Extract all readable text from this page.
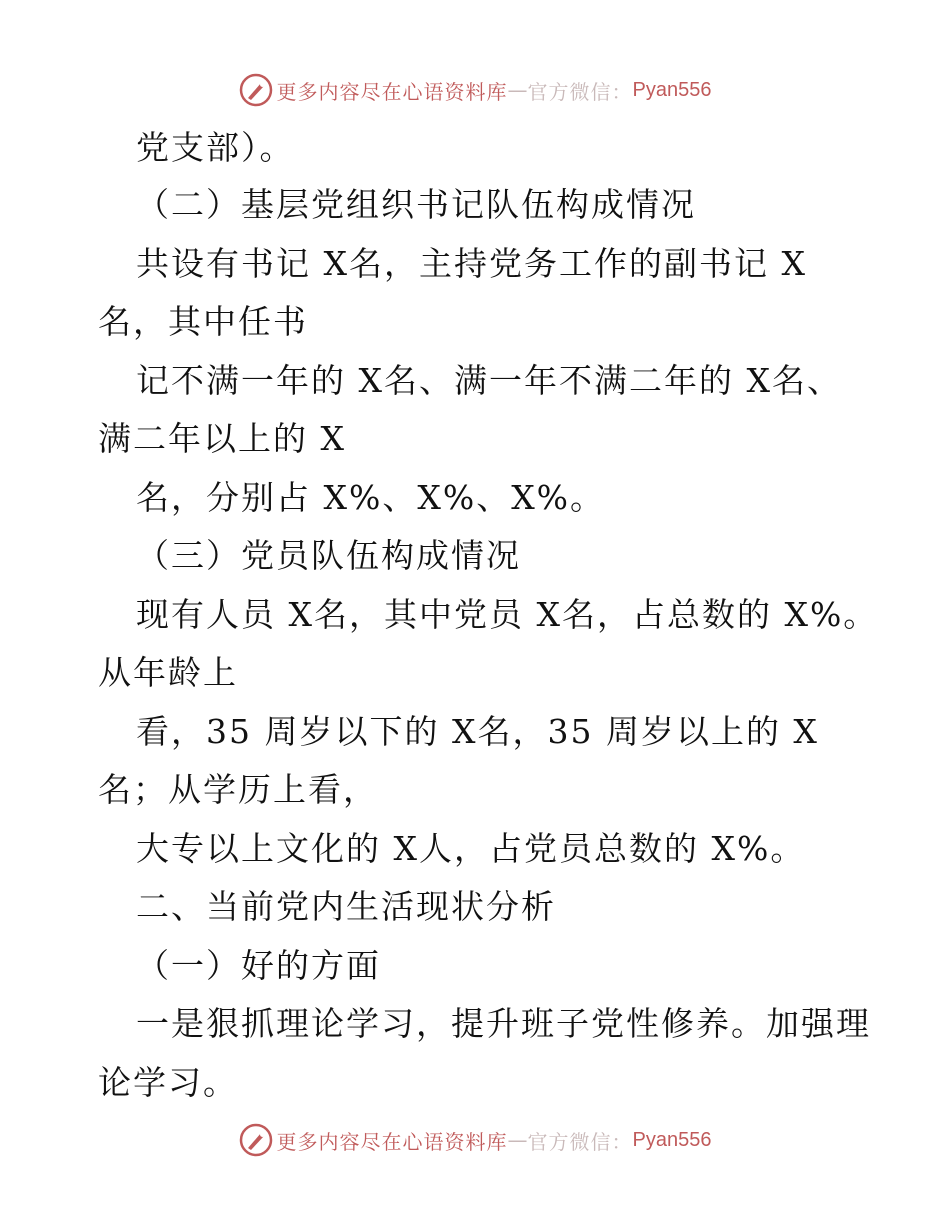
更多内容尽在心语资料库 — 官方微信： Pyan556
党支部）。
（二）基层党组织书记队伍构成情况
共设有书记 X名，主持党务工作的副书记 X
名，其中任书
记不满一年的 X名、满一年不满二年的 X名、
满二年以上的 X
名，分别占 X%、X%、X%。
（三）党员队伍构成情况
现有人员 X名，其中党员 X名，占总数的 X%。
从年龄上
看，35 周岁以下的 X名，35 周岁以上的 X
名；从学历上看，
大专以上文化的 X人，占党员总数的 X%。
二、当前党内生活现状分析
（一）好的方面
一是狠抓理论学习，提升班子党性修养。加强理
论学习。
更多内容尽在心语资料库 — 官方微信： Pyan556
